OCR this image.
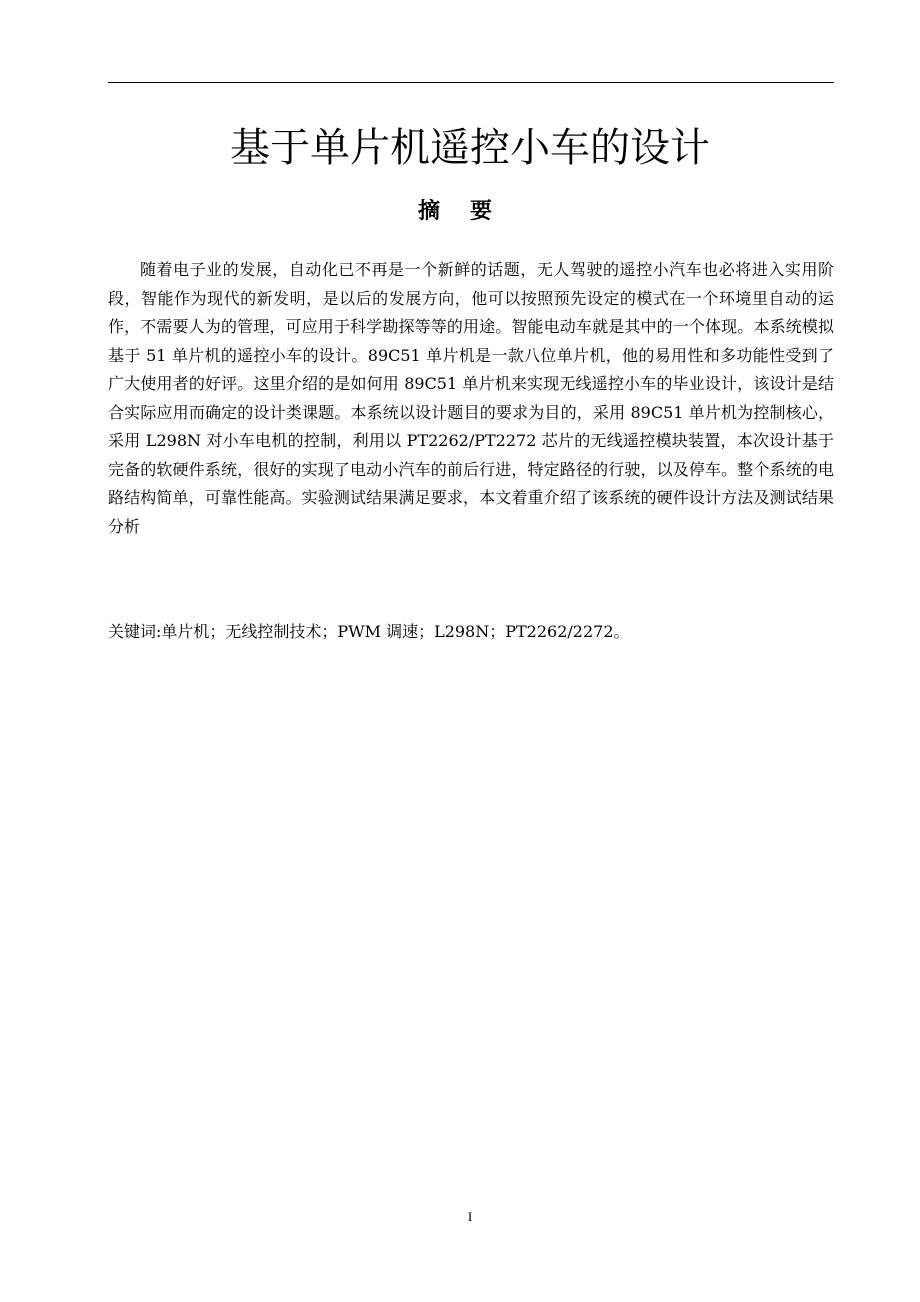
基于单片机遥控小车的设计
摘要

随着电子业的发展，自动化已不再是一个新鲜的话题，无人驾驶的遥控小汽车也必将进入实用阶段，智能作为现代的新发明，是以后的发展方向，他可以按照预先设定的模式在一个环境里自动的运作，不需要人为的管理，可应用于科学勘探等等的用途。智能电动车就是其中的一个体现。本系统模拟基于 51 单片机的遥控小车的设计。89C51 单片机是一款八位单片机，他的易用性和多功能性受到了广大使用者的好评。这里介绍的是如何用 89C51 单片机来实现无线遥控小车的毕业设计，该设计是结合实际应用而确定的设计类课题。本系统以设计题目的要求为目的，采用 89C51 单片机为控制核心，采用 L298N 对小车电机的控制，利用以 PT2262/PT2272 芯片的无线遥控模块装置，本次设计基于完备的软硬件系统，很好的实现了电动小汽车的前后行进，特定路径的行驶，以及停车。整个系统的电路结构简单，可靠性能高。实验测试结果满足要求，本文着重介绍了该系统的硬件设计方法及测试结果分析

关键词:单片机；无线控制技术；PWM 调速；L298N；PT2262/2272。

I
